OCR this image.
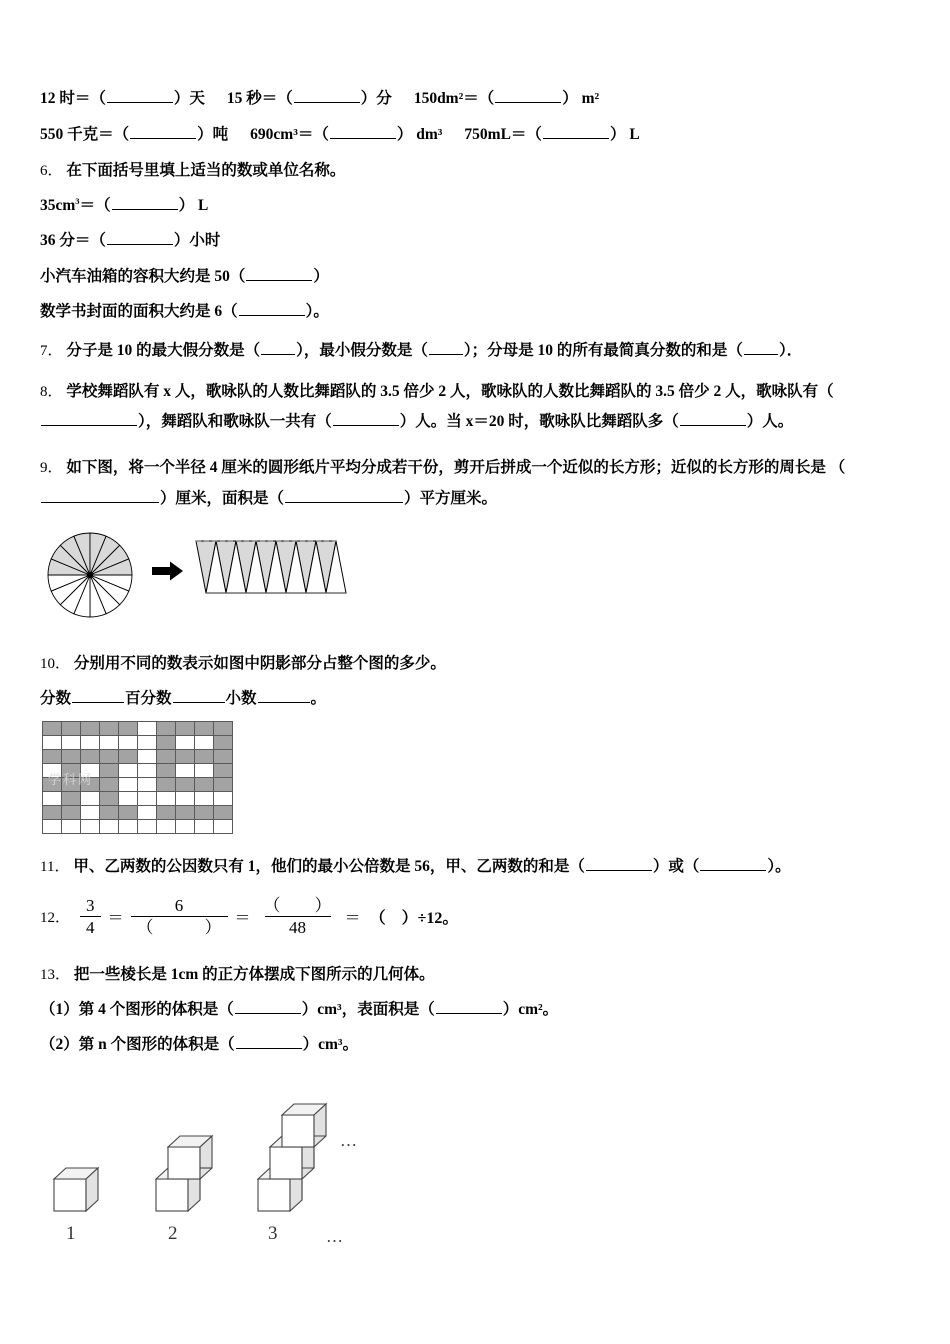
12 时＝（	）天 15 秒＝（	）分 150dm²＝（	） m²
550 千克＝（	）吨 690cm³＝（	） dm³ 750mL＝（	） L
6． 在下面括号里填上适当的数或单位名称。
$35cm^3=$（	） L
36 分＝（	）小时
小汽车油箱的容积大约是 50（	）
数学书封面的面积大约是 6（	）。
7． 分子是 10 的最大假分数是（ ），最小假分数是（ ）；分母是 10 的所有最简真分数的和是（ ）．
8． 学校舞蹈队有 x 人，歌咏队的人数比舞蹈队的 3.5 倍少 2 人，歌咏队的人数比舞蹈队的 3.5 倍少 2 人，歌咏队有（），舞蹈队和歌咏队一共有（	）人。当 x＝20 时，歌咏队比舞蹈队多（	）人。
9． 如下图，将一个半径 4 厘米的圆形纸片平均分成若干份，剪开后拼成一个近似的长方形；近似的长方形的周长是 （）厘米，面积是（	）平方厘米。
10． 分别用不同的数表示如图中阴影部分占整个图的多少。
分数	百分数	小数	。

学科网
11． 甲、乙两数的公因数只有 1，他们的最小公倍数是 56，甲、乙两数的和是（	）或（	）。
12． $\frac{3}{4} = \frac{6}{( )} = \frac{( )}{48}$ ＝ （　）÷12。
13． 把一些棱长是 1cm 的正方体摆成下图所示的几何体。
（1）第 4 个图形的体积是（	）cm³，表面积是（	）cm²。
（2）第 n 个图形的体积是（	）cm³。
1	2	3
…
…
